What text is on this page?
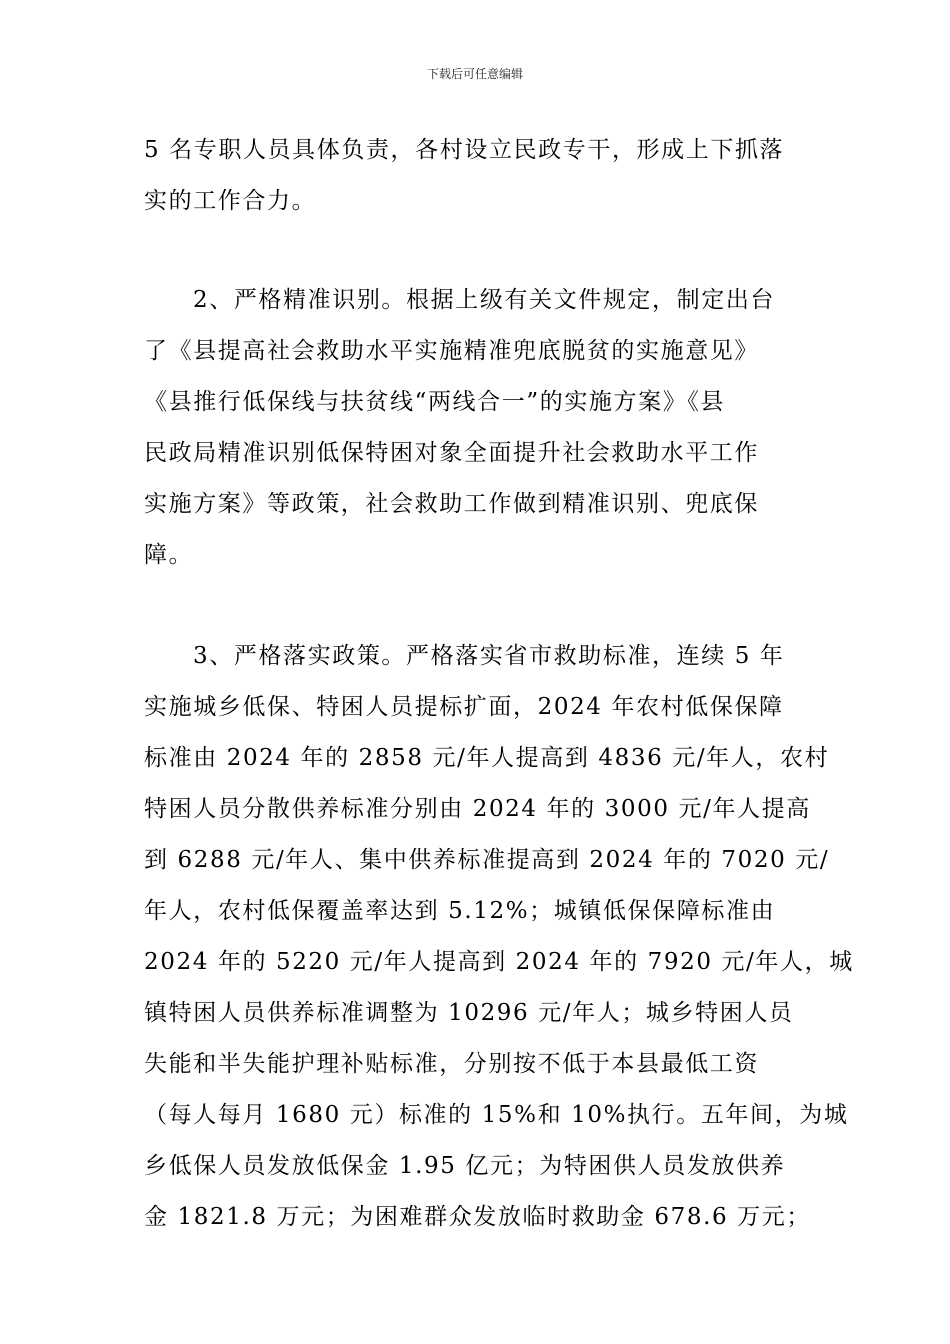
下载后可任意编辑

5 名专职人员具体负责，各村设立民政专干，形成上下抓落
实的工作合力。

2、严格精准识别。根据上级有关文件规定，制定出台
了《县提高社会救助水平实施精准兜底脱贫的实施意见》
《县推行低保线与扶贫线“两线合一”的实施方案》《县
民政局精准识别低保特困对象全面提升社会救助水平工作
实施方案》等政策，社会救助工作做到精准识别、兜底保
障。

3、严格落实政策。严格落实省市救助标准，连续 5 年
实施城乡低保、特困人员提标扩面，2024 年农村低保保障
标准由 2024 年的 2858 元/年人提高到 4836 元/年人，农村
特困人员分散供养标准分别由 2024 年的 3000 元/年人提高
到 6288 元/年人、集中供养标准提高到 2024 年的 7020 元/
年人，农村低保覆盖率达到 5.12%；城镇低保保障标准由
2024 年的 5220 元/年人提高到 2024 年的 7920 元/年人，城
镇特困人员供养标准调整为 10296 元/年人；城乡特困人员
失能和半失能护理补贴标准，分别按不低于本县最低工资
（每人每月 1680 元）标准的 15%和 10%执行。五年间，为城
乡低保人员发放低保金 1.95 亿元；为特困供人员发放供养
金 1821.8 万元；为困难群众发放临时救助金 678.6 万元；
